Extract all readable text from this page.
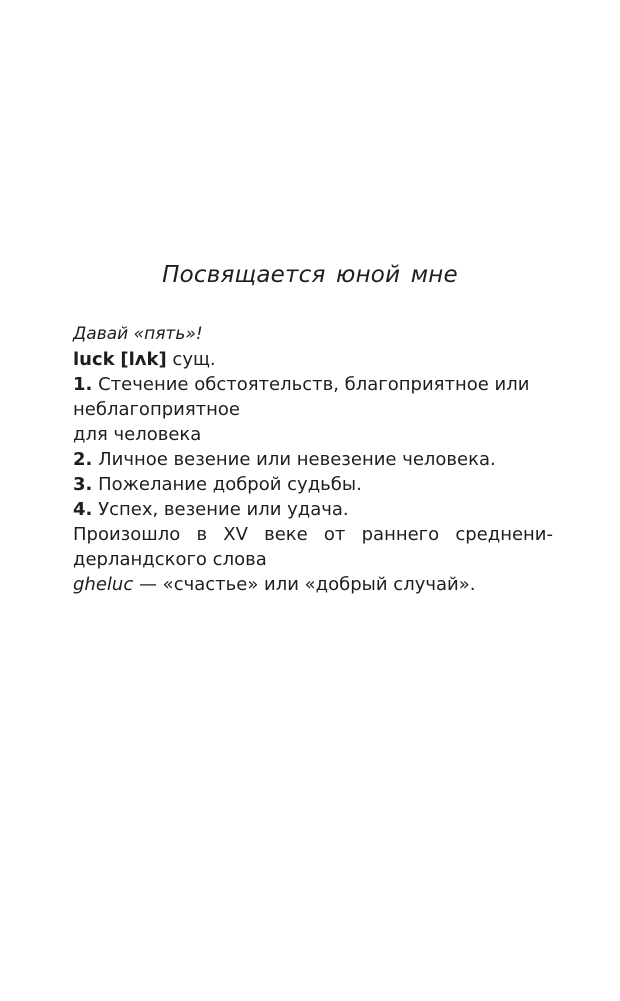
Посвящается юной мне
Давай «пять»!
luck [lʌk] сущ.
1. Стечение обстоятельств, благоприятное или
неблагоприятное
для человека
2. Личное везение или невезение человека.
3. Пожелание доброй судьбы.
4. Успех, везение или удача.
Произошло в XV веке от раннего среднени-
дерландского слова
gheluc — «счастье» или «добрый случай».
